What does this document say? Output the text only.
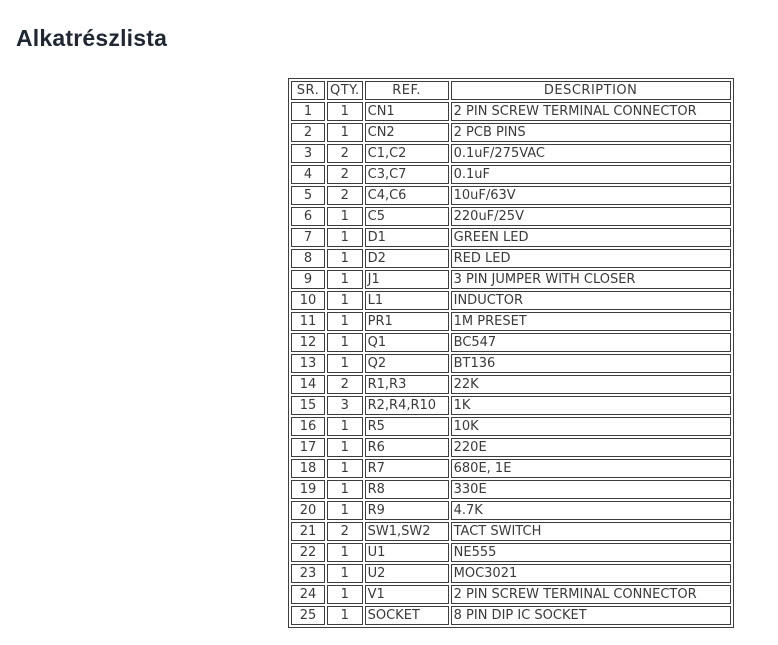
Alkatrészlista
SR.	QTY.	REF.	DESCRIPTION
1	1	CN1	2 PIN SCREW TERMINAL CONNECTOR
2	1	CN2	2 PCB PINS
3	2	C1,C2	0.1uF/275VAC
4	2	C3,C7	0.1uF
5	2	C4,C6	10uF/63V
6	1	C5	220uF/25V
7	1	D1	GREEN LED
8	1	D2	RED LED
9	1	J1	3 PIN JUMPER WITH CLOSER
10	1	L1	INDUCTOR
11	1	PR1	1M PRESET
12	1	Q1	BC547
13	1	Q2	BT136
14	2	R1,R3	22K
15	3	R2,R4,R10	1K
16	1	R5	10K
17	1	R6	220E
18	1	R7	680E, 1E
19	1	R8	330E
20	1	R9	4.7K
21	2	SW1,SW2	TACT SWITCH
22	1	U1	NE555
23	1	U2	MOC3021
24	1	V1	2 PIN SCREW TERMINAL CONNECTOR
25	1	SOCKET	8 PIN DIP IC SOCKET
